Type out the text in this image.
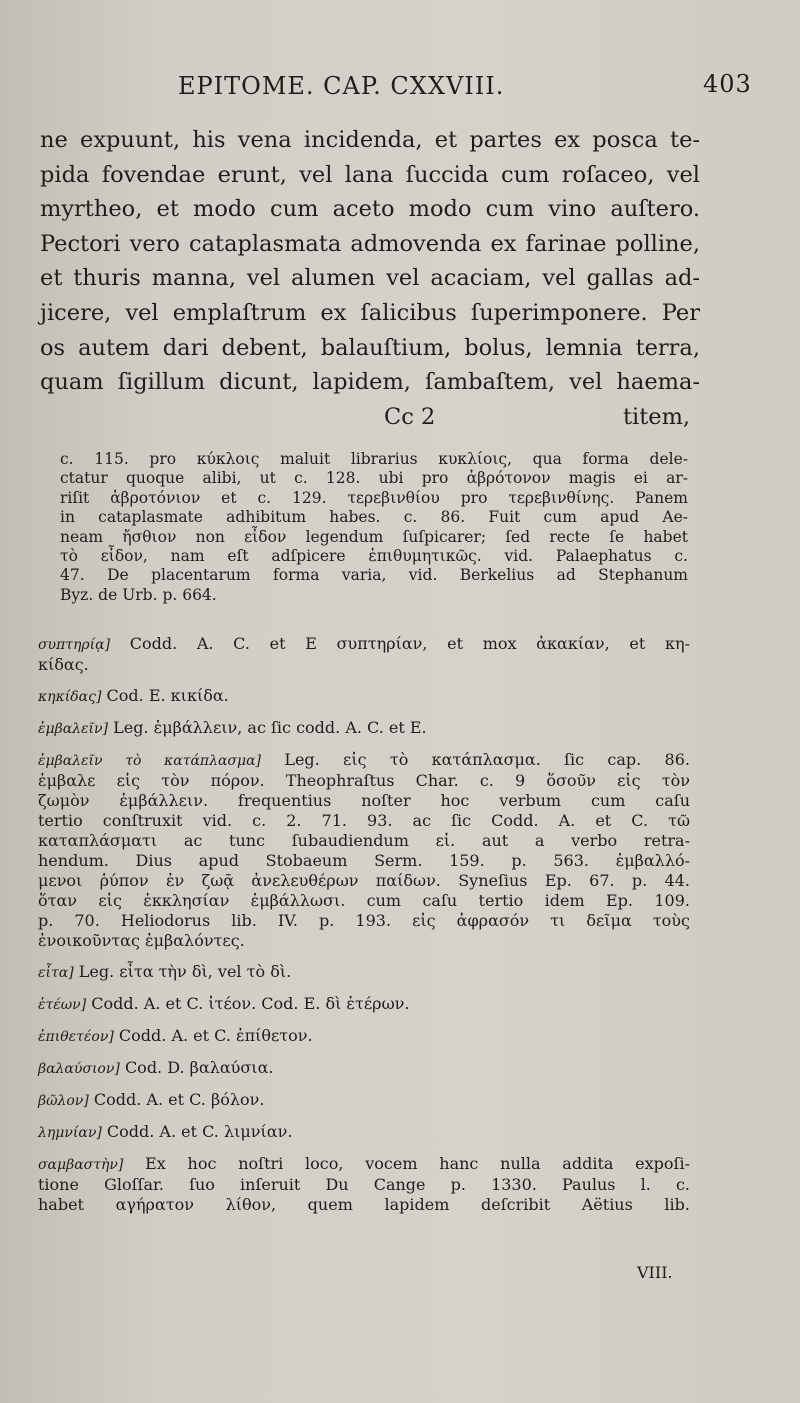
EPITOME. CAP. CXXVIII.	403
ne expuunt, his vena incidenda, et partes ex posca te-
pida fovendae erunt, vel lana ſuccida cum roſaceo, vel
myrtheo, et modo cum aceto modo cum vino auſtero.
Pectori vero cataplasmata admovenda ex farinae polline,
et thuris manna, vel alumen vel acaciam, vel gallas ad-
jicere, vel emplaſtrum ex ſalicibus ſuperimponere. Per
os autem dari debent, balauſtium, bolus, lemnia terra,
quam ſigillum dicunt, lapidem, ſambaſtem, vel haema-
Cc 2	titem,
c. 115. pro κύκλοις maluit librarius κυκλίοις, qua forma dele-
ctatur quoque alibi, ut c. 128. ubi pro ἀβρότονον magis ei ar-
riſit ἀβροτόνιον et c. 129. τερεβινθίου pro τερεβινθίνης. Panem
in cataplasmate adhibitum habes. c. 86. Fuit cum apud Ae-
neam ἤσθιον non εἶδον legendum ſuſpicarer; ſed recte ſe habet
τὸ εἶδον, nam eſt adſpicere ἐπιθυμητικῶς. vid. Palaephatus c.
47. De placentarum forma varia, vid. Berkelius ad Stephanum
Byz. de Urb. p. 664.
συπτηρίᾳ] Codd. A. C. et E συπτηρίαν, et mox ἀκακίαν, et κη-
κίδας.
κηκίδας] Cod. E. κικίδα.
ἐμβαλεῖν] Leg. ἐμβάλλειν, ac ſic codd. A. C. et E.
ἐμβαλεῖν τὸ κατάπλασμα] Leg. εἰς τὸ κατάπλασμα. ſic cap. 86.
ἐμβαλε εἰς τὸν πόρον. Theophraſtus Char. c. 9 ὅσου̃ν εἰς τὸν
ζωμὸν ἐμβάλλειν. frequentius noſter hoc verbum cum caſu
tertio conſtruxit vid. c. 2. 71. 93. ac ſic Codd. A. et C. τῶ
καταπλάσματι ac tunc ſubaudiendum εἰ. aut a verbo retra-
hendum. Dius apud Stobaeum Serm. 159. p. 563. ἐμβαλλό-
μενοι ῥύπον ἐν ζωᾷ ἀνελευθέρων παίδων. Syneſius Ep. 67. p. 44.
ὅταν εἰς ἐκκλησίαν ἐμβάλλωσι. cum caſu tertio idem Ep. 109.
p. 70. Heliodorus lib. IV. p. 193. εἰς ἀφρασόν τι δεῖμα τοὺς
ἐνοικοῦντας ἐμβαλόντες.
εἶτα] Leg. εἶτα τὴν δὶ, vel τὸ δὶ.
ἑτέων] Codd. A. et C. ἰτέον. Cod. E. δὶ ἑτέρων.
ἐπιθετέον] Codd. A. et C. ἐπίθετον.
βαλαύσιον] Cod. D. βαλαύσια.
βῶλον] Codd. A. et C. βόλον.
λημνίαν] Codd. A. et C. λιμνίαν.
σαμβαστὴν] Ex hoc noſtri loco, vocem hanc nulla addita expoſi-
tione Gloſſar. ſuo inſeruit Du Cange p. 1330. Paulus l. c.
habet αγήρατον λίθον, quem lapidem deſcribit Aëtius lib.
VIII.
